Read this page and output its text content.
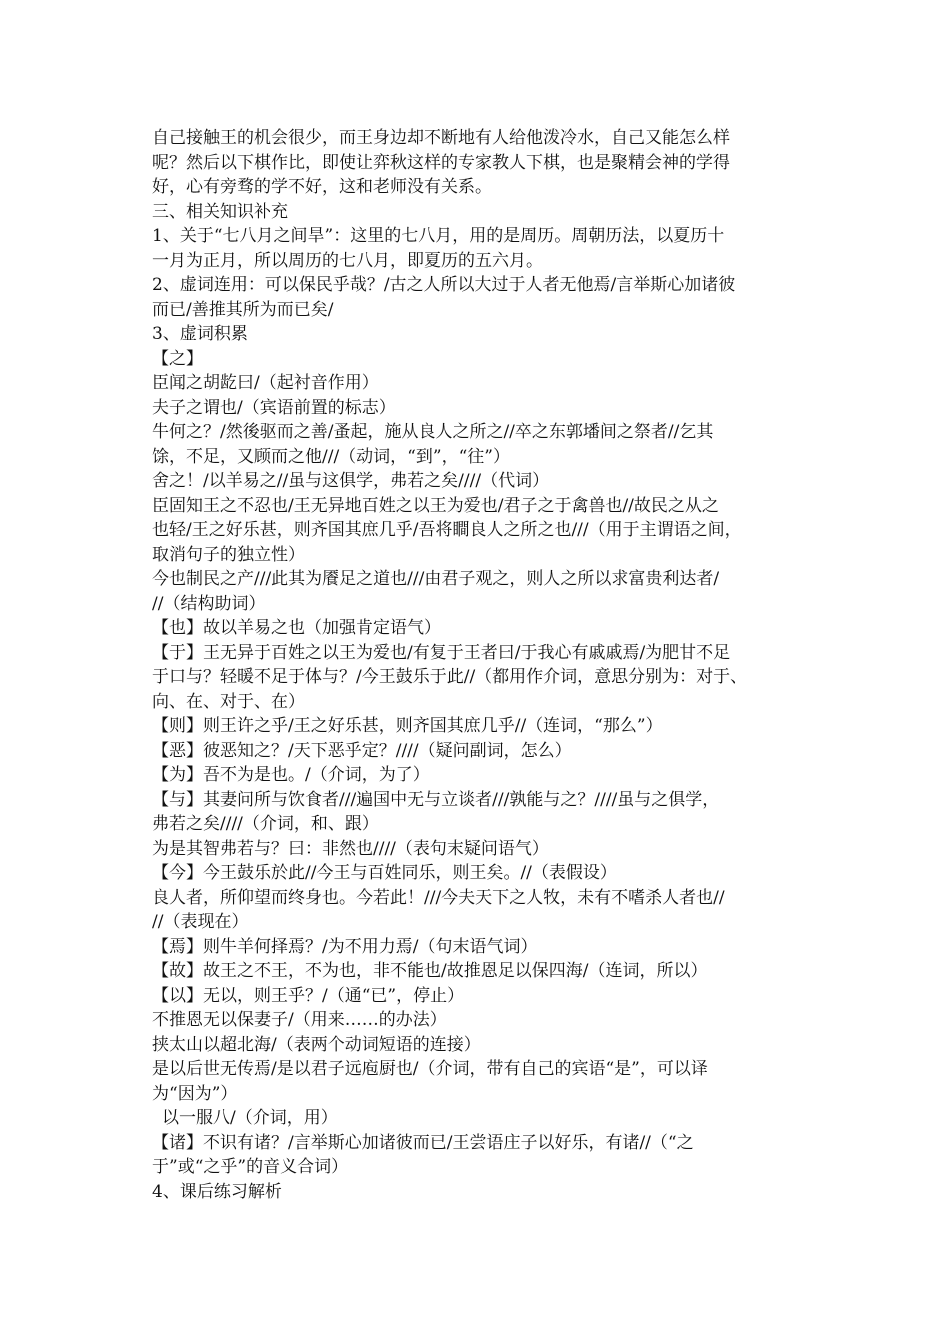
自己接触王的机会很少，而王身边却不断地有人给他泼冷水，自己又能怎么样
呢？然后以下棋作比，即使让弈秋这样的专家教人下棋，也是聚精会神的学得
好，心有旁骛的学不好，这和老师没有关系。
三、相关知识补充
1、关于“七八月之间旱”：这里的七八月，用的是周历。周朝历法，以夏历十
一月为正月，所以周历的七八月，即夏历的五六月。
2、虚词连用：可以保民乎哉？/古之人所以大过于人者无他焉/言举斯心加诸彼
而已/善推其所为而已矣/
3、虚词积累
【之】
臣闻之胡龁曰/（起衬音作用）
夫子之谓也/（宾语前置的标志）
牛何之？/然後驱而之善/蚤起，施从良人之所之//卒之东郭墦间之祭者//乞其
馀，不足，又顾而之他///（动词，“到”，“往”）
舍之！/以羊易之//虽与这俱学，弗若之矣////（代词）
臣固知王之不忍也/王无异地百姓之以王为爱也/君子之于禽兽也//故民之从之
也轻/王之好乐甚，则齐国其庶几乎/吾将瞷良人之所之也///（用于主谓语之间，
取消句子的独立性）
今也制民之产///此其为餍足之道也///由君子观之，则人之所以求富贵利达者/
//（结构助词）
【也】故以羊易之也（加强肯定语气）
【于】王无异于百姓之以王为爱也/有复于王者曰/于我心有戚戚焉/为肥甘不足
于口与？轻暖不足于体与？/今王鼓乐于此//（都用作介词，意思分别为：对于、
向、在、对于、在）
【则】则王许之乎/王之好乐甚，则齐国其庶几乎//（连词，“那么”）
【恶】彼恶知之？/天下恶乎定？////（疑问副词，怎么）
【为】吾不为是也。/（介词，为了）
【与】其妻问所与饮食者///遍国中无与立谈者///孰能与之？////虽与之俱学，
弗若之矣////（介词，和、跟）
为是其智弗若与？曰：非然也////（表句末疑问语气）
【今】今王鼓乐於此//今王与百姓同乐，则王矣。//（表假设）
良人者，所仰望而终身也。今若此！///今夫天下之人牧，未有不嗜杀人者也//
//（表现在）
【焉】则牛羊何择焉？/为不用力焉/（句末语气词）
【故】故王之不王，不为也，非不能也/故推恩足以保四海/（连词，所以）
【以】无以，则王乎？/（通“已”，停止）
不推恩无以保妻子/（用来……的办法）
挟太山以超北海/（表两个动词短语的连接）
是以后世无传焉/是以君子远庖厨也/（介词，带有自己的宾语“是”，可以译
为“因为”）
以一服八/（介词，用）
【诸】不识有诸？/言举斯心加诸彼而已/王尝语庄子以好乐，有诸//（“之
于”或“之乎”的音义合词）
4、课后练习解析
